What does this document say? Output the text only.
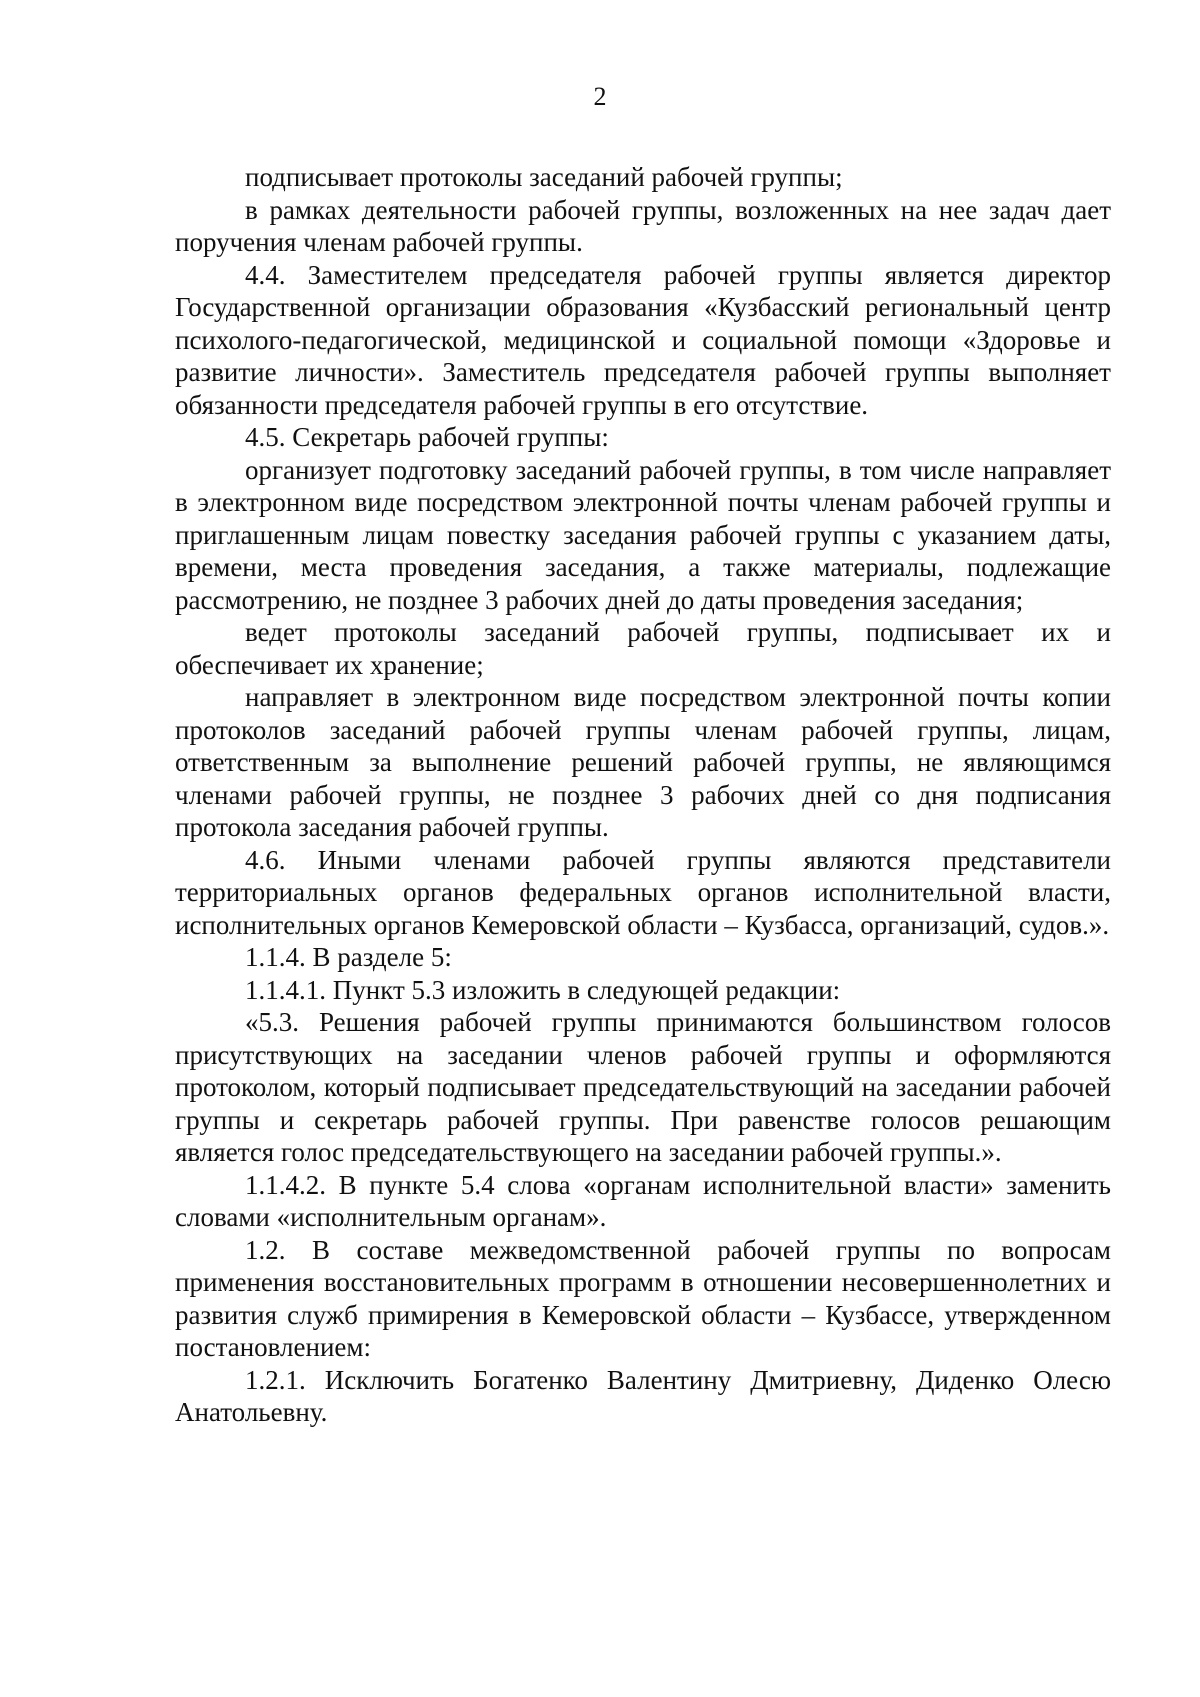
2

подписывает протоколы заседаний рабочей группы;

в рамках деятельности рабочей группы, возложенных на нее задач дает поручения членам рабочей группы.

4.4. Заместителем председателя рабочей группы является директор Государственной организации образования «Кузбасский региональный центр психолого-педагогической, медицинской и социальной помощи «Здоровье и развитие личности». Заместитель председателя рабочей группы выполняет обязанности председателя рабочей группы в его отсутствие.

4.5. Секретарь рабочей группы:

организует подготовку заседаний рабочей группы, в том числе направляет в электронном виде посредством электронной почты членам рабочей группы и приглашенным лицам повестку заседания рабочей группы с указанием даты, времени, места проведения заседания, а также материалы, подлежащие рассмотрению, не позднее 3 рабочих дней до даты проведения заседания;

ведет протоколы заседаний рабочей группы, подписывает их и обеспечивает их хранение;

направляет в электронном виде посредством электронной почты копии протоколов заседаний рабочей группы членам рабочей группы, лицам, ответственным за выполнение решений рабочей группы, не являющимся членами рабочей группы, не позднее 3 рабочих дней со дня подписания протокола заседания рабочей группы.

4.6. Иными членами рабочей группы являются представители территориальных органов федеральных органов исполнительной власти, исполнительных органов Кемеровской области – Кузбасса, организаций, судов.».

1.1.4. В разделе 5:

1.1.4.1. Пункт 5.3 изложить в следующей редакции:

«5.3. Решения рабочей группы принимаются большинством голосов присутствующих на заседании членов рабочей группы и оформляются протоколом, который подписывает председательствующий на заседании рабочей группы и секретарь рабочей группы. При равенстве голосов решающим является голос председательствующего на заседании рабочей группы.».

1.1.4.2. В пункте 5.4 слова «органам исполнительной власти» заменить словами «исполнительным органам».

1.2. В составе межведомственной рабочей группы по вопросам применения восстановительных программ в отношении несовершеннолетних и развития служб примирения в Кемеровской области – Кузбассе, утвержденном постановлением:

1.2.1. Исключить Богатенко Валентину Дмитриевну, Диденко Олесю Анатольевну.
